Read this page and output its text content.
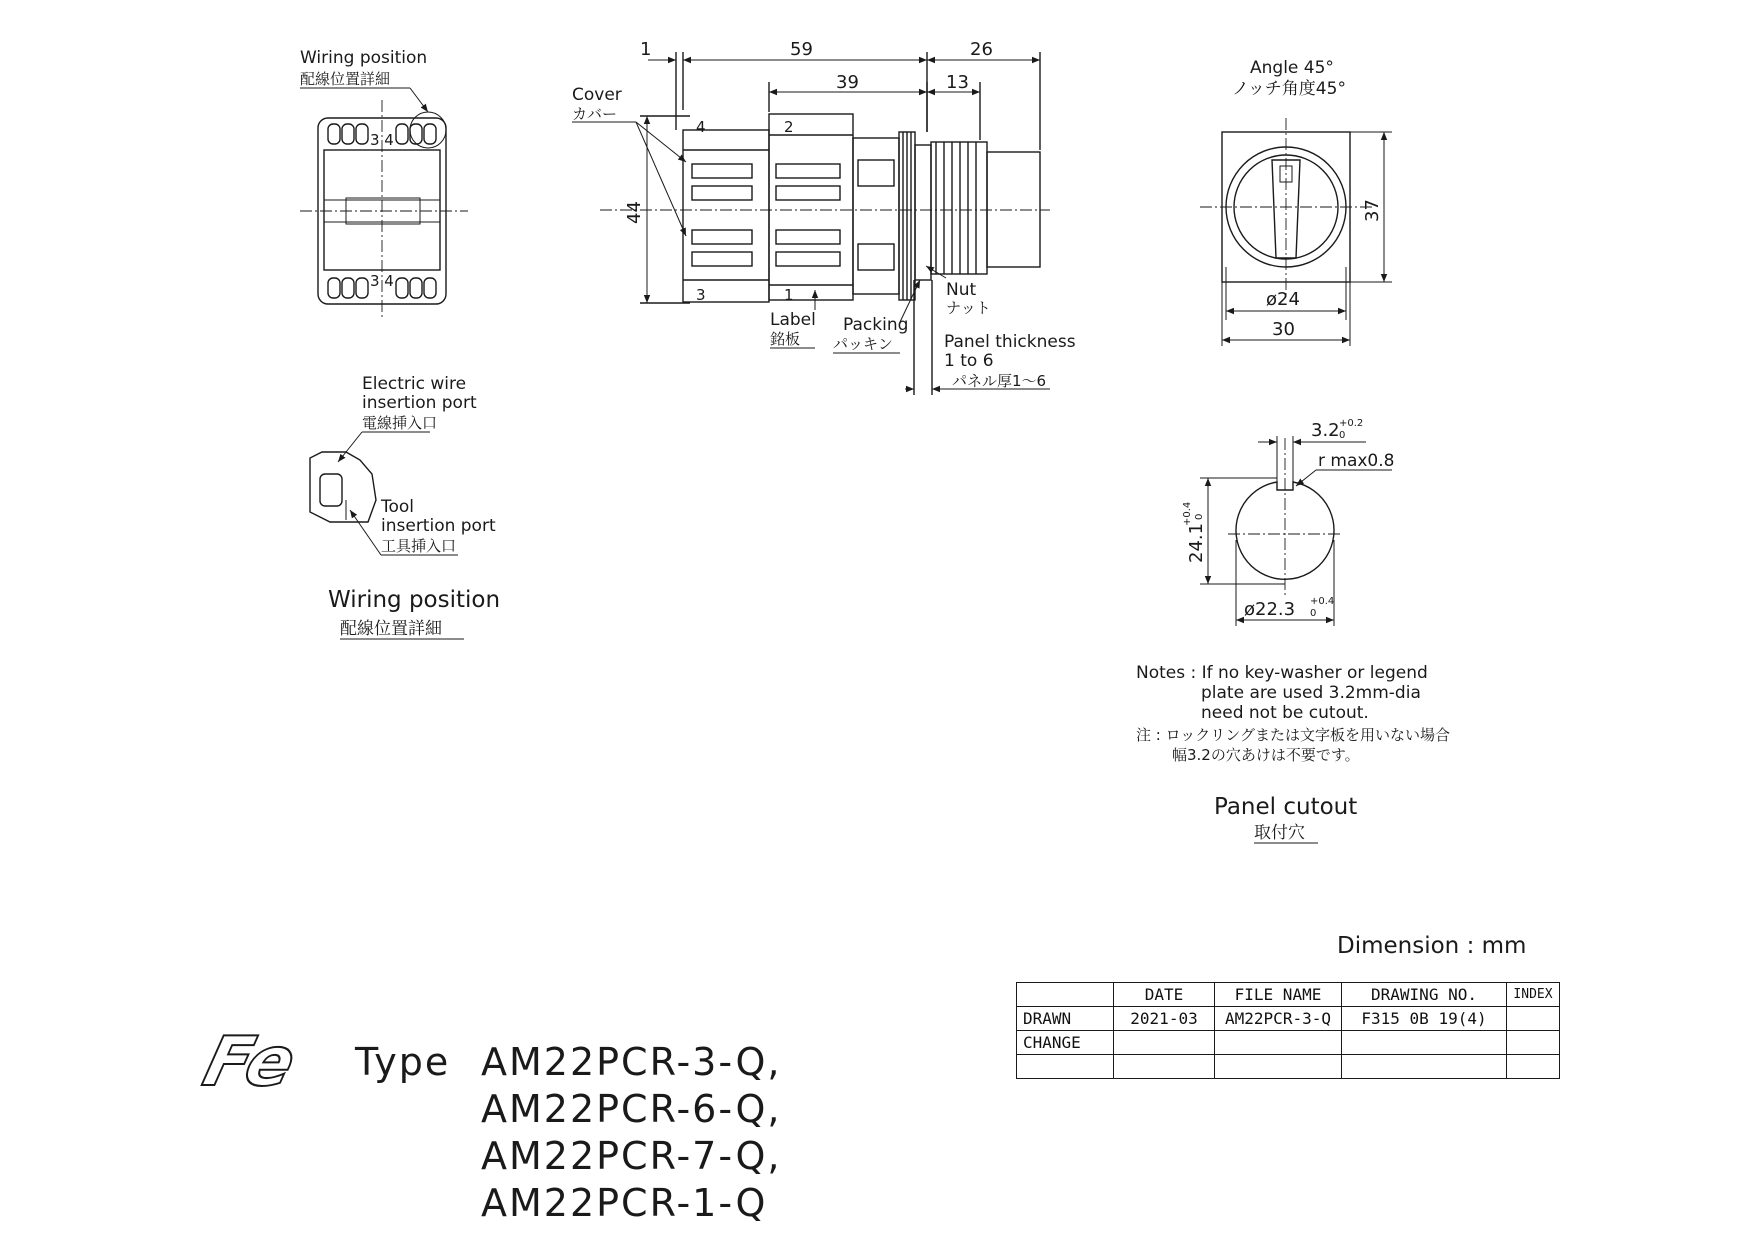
Wiring position
配線位置詳細
3 4
3 4
Electric wire
insertion port
電線挿入口
Tool
insertion port
工具挿入口
Wiring position
配線位置詳細
1	59	26
39	13
44
4	2
3	1
Cover
カバー
Nut
ナット
Label
銘板
Packing
パッキン	Panel thickness
1 to 6
パネル厚1～6
Angle 45°
ノッチ角度45°
37
ø24
30
3.2 +0.2
0
r max0.8
24.1
+0.4 0
ø22.3 +0.4
0
Notes : If no key-washer or legend
plate are used 3.2mm-dia
need not be cutout.
注 : ロックリングまたは文字板を用いない場合
幅3.2の穴あけは不要です。
Panel cutout
取付穴
Dimension : mm
Fe Type AM22PCR-3-Q,
AM22PCR-6-Q,
AM22PCR-7-Q,
AM22PCR-1-Q
	DATE	FILE NAME	DRAWING NO.	INDEX
DRAWN	2021-03	AM22PCR-3-Q	F315 0B 19(4)	
CHANGE				
